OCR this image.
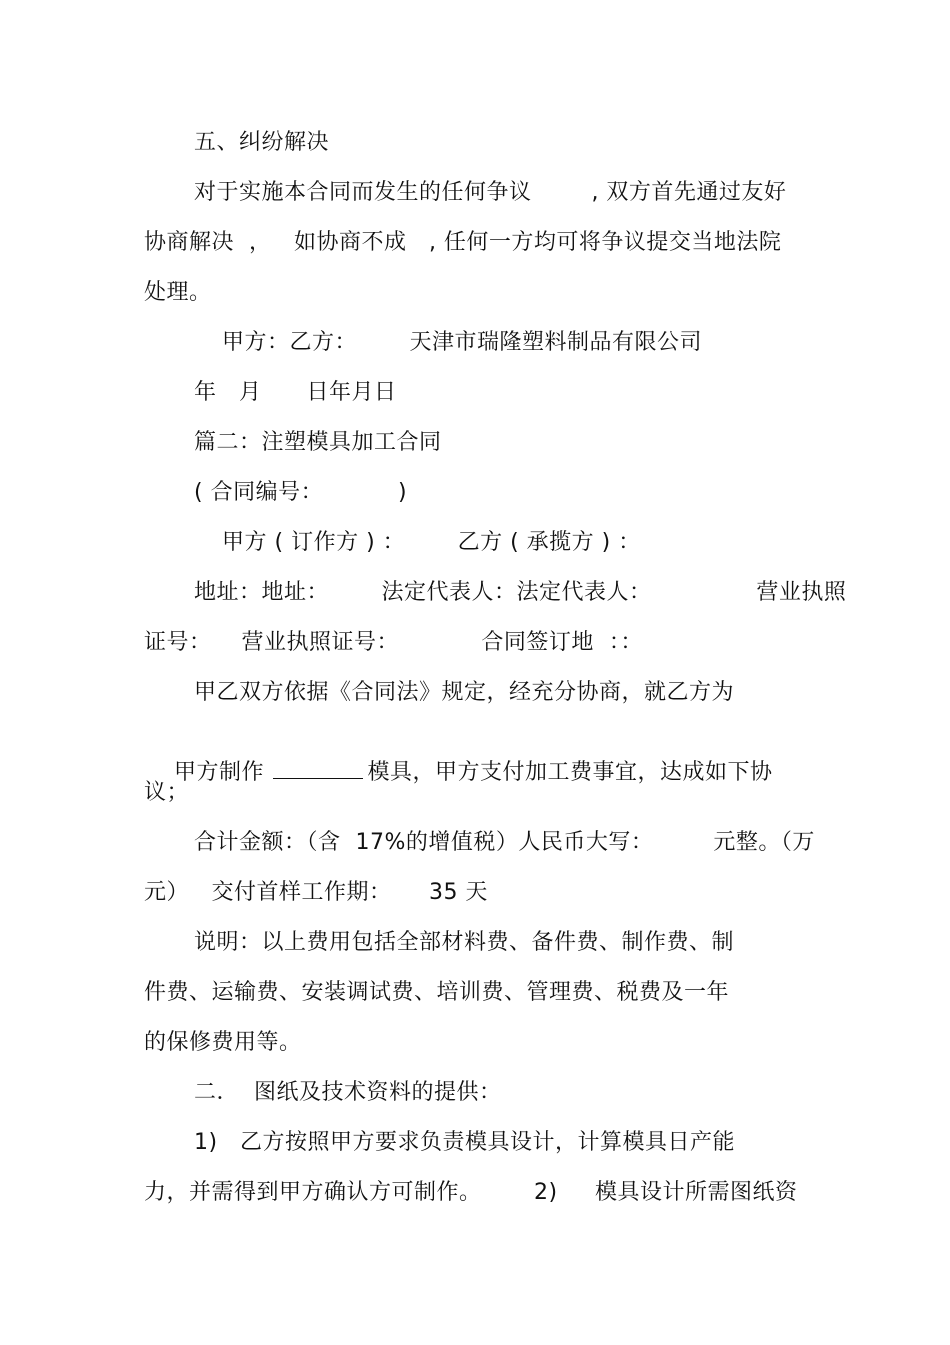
五、纠纷解决
对于实施本合同而发生的任何争议        , 双方首先通过友好
协商解决  ，   如协商不成   , 任何一方均可将争议提交当地法院
处理。
甲方：乙方：       天津市瑞隆塑料制品有限公司
年   月      日年月日
篇二：注塑模具加工合同
( 合同编号：          )
甲方 ( 订作方 ) ：       乙方 ( 承揽方 ) ：
地址：地址：       法定代表人：法定代表人：              营业执照
证号：    营业执照证号：           合同签订地  ：：
甲乙双方依据《合同法》规定，经充分协商，就乙方为

甲方制作	模具，甲方支付加工费事宜，达成如下协

议；
合计金额：（含  17%的增值税）人民币大写：        元整。（万
元）   交付首样工作期：     35 天
说明：以上费用包括全部材料费、备件费、制作费、制
件费、运输费、安装调试费、培训费、管理费、税费及一年
的保修费用等。
二．  图纸及技术资料的提供：
1)   乙方按照甲方要求负责模具设计，计算模具日产能
力，并需得到甲方确认方可制作。       2)     模具设计所需图纸资
